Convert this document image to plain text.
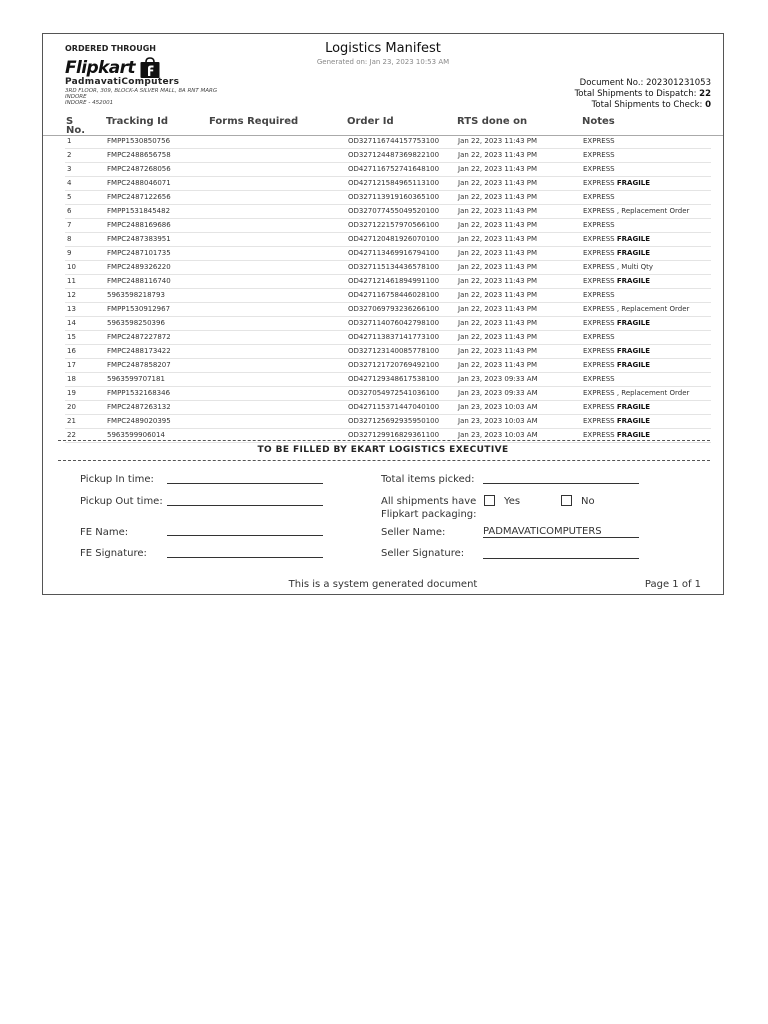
ORDERED THROUGH
Flipkart
PadmavatiComputers
3RD FLOOR, 309, BLOCK-A SILVER MALL, 8A RNT MARG
INDORE
INDORE - 452001
Logistics Manifest
Generated on: Jan 23, 2023 10:53 AM
Document No.: 202301231053
Total Shipments to Dispatch: 22
Total Shipments to Check: 0
S
No.
Tracking Id	Forms Required	Order Id	RTS done on	Notes
1	FMPP1530850756	OD327116744157753100	Jan 22, 2023 11:43 PM	EXPRESS
2	FMPC2488656758	OD327124487369822100	Jan 22, 2023 11:43 PM	EXPRESS
3	FMPC2487268056	OD427116752741648100	Jan 22, 2023 11:43 PM	EXPRESS
4	FMPC2488046071	OD427121584965113100	Jan 22, 2023 11:43 PM	EXPRESS FRAGILE
5	FMPC2487122656	OD327113919160365100	Jan 22, 2023 11:43 PM	EXPRESS
6	FMPP1531845482	OD327077455049520100	Jan 22, 2023 11:43 PM	EXPRESS , Replacement Order
7	FMPC2488169686	OD327122157970566100	Jan 22, 2023 11:43 PM	EXPRESS
8	FMPC2487383951	OD427120481926070100	Jan 22, 2023 11:43 PM	EXPRESS FRAGILE
9	FMPC2487101735	OD427113469916794100	Jan 22, 2023 11:43 PM	EXPRESS FRAGILE
10	FMPC2489326220	OD327115134436578100	Jan 22, 2023 11:43 PM	EXPRESS , Multi Qty
11	FMPC2488116740	OD427121461894991100	Jan 22, 2023 11:43 PM	EXPRESS FRAGILE
12	5963598218793	OD427116758446028100	Jan 22, 2023 11:43 PM	EXPRESS
13	FMPP1530912967	OD327069793236266100	Jan 22, 2023 11:43 PM	EXPRESS , Replacement Order
14	5963598250396	OD327114076042798100	Jan 22, 2023 11:43 PM	EXPRESS FRAGILE
15	FMPC2487227872	OD427113837141773100	Jan 22, 2023 11:43 PM	EXPRESS
16	FMPC2488173422	OD327123140085778100	Jan 22, 2023 11:43 PM	EXPRESS FRAGILE
17	FMPC2487858207	OD327121720769492100	Jan 22, 2023 11:43 PM	EXPRESS FRAGILE
18	5963599707181	OD427129348617538100	Jan 23, 2023 09:33 AM	EXPRESS
19	FMPP1532168346	OD327054972541036100	Jan 23, 2023 09:33 AM	EXPRESS , Replacement Order
20	FMPC2487263132	OD427115371447040100	Jan 23, 2023 10:03 AM	EXPRESS FRAGILE
21	FMPC2489020395	OD327125692935950100	Jan 23, 2023 10:03 AM	EXPRESS FRAGILE
22	5963599906014	OD327129916829361100	Jan 23, 2023 10:03 AM	EXPRESS FRAGILE
TO BE FILLED BY EKART LOGISTICS EXECUTIVE
Pickup In time:
Pickup Out time:
FE Name:
FE Signature:
Total items picked:
All shipments have
Flipkart packaging:
Yes	No
Seller Name:	PADMAVATICOMPUTERS
Seller Signature:
This is a system generated document	Page 1 of 1
